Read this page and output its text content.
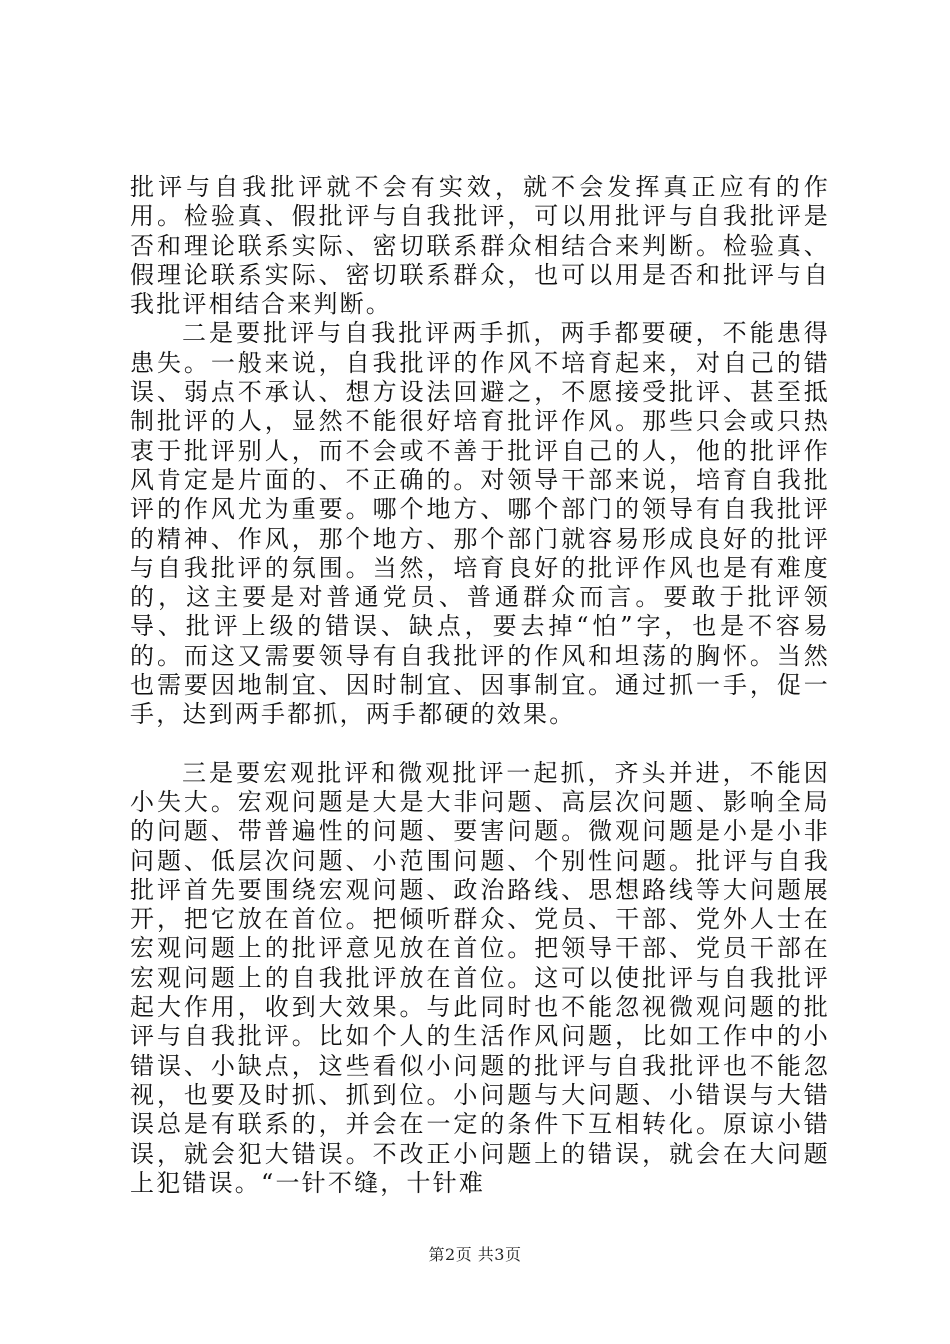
批评与自我批评就不会有实效，就不会发挥真正应有的作用。检验真、假批评与自我批评，可以用批评与自我批评是否和理论联系实际、密切联系群众相结合来判断。检验真、假理论联系实际、密切联系群众，也可以用是否和批评与自我批评相结合来判断。

二是要批评与自我批评两手抓，两手都要硬，不能患得患失。一般来说，自我批评的作风不培育起来，对自己的错误、弱点不承认、想方设法回避之，不愿接受批评、甚至抵制批评的人，显然不能很好培育批评作风。那些只会或只热衷于批评别人，而不会或不善于批评自己的人，他的批评作风肯定是片面的、不正确的。对领导干部来说，培育自我批评的作风尤为重要。哪个地方、哪个部门的领导有自我批评的精神、作风，那个地方、那个部门就容易形成良好的批评与自我批评的氛围。当然，培育良好的批评作风也是有难度的，这主要是对普通党员、普通群众而言。要敢于批评领导、批评上级的错误、缺点，要去掉“怕”字，也是不容易的。而这又需要领导有自我批评的作风和坦荡的胸怀。当然也需要因地制宜、因时制宜、因事制宜。通过抓一手，促一手，达到两手都抓，两手都硬的效果。

三是要宏观批评和微观批评一起抓，齐头并进，不能因小失大。宏观问题是大是大非问题、高层次问题、影响全局的问题、带普遍性的问题、要害问题。微观问题是小是小非问题、低层次问题、小范围问题、个别性问题。批评与自我批评首先要围绕宏观问题、政治路线、思想路线等大问题展开，把它放在首位。把倾听群众、党员、干部、党外人士在宏观问题上的批评意见放在首位。把领导干部、党员干部在宏观问题上的自我批评放在首位。这可以使批评与自我批评起大作用，收到大效果。与此同时也不能忽视微观问题的批评与自我批评。比如个人的生活作风问题，比如工作中的小错误、小缺点，这些看似小问题的批评与自我批评也不能忽视，也要及时抓、抓到位。小问题与大问题、小错误与大错误总是有联系的，并会在一定的条件下互相转化。原谅小错误，就会犯大错误。不改正小问题上的错误，就会在大问题上犯错误。“一针不缝，十针难

第2页 共3页
